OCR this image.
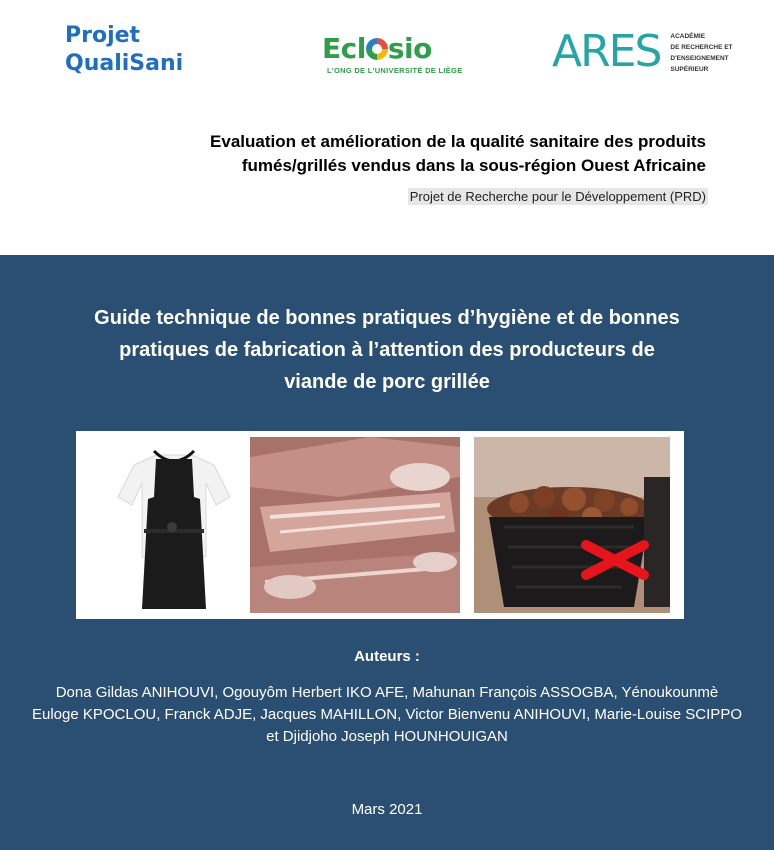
Projet
QualiSani	Ecl sio
L'ONG DE L'UNIVERSITÉ DE LIÈGE ARES ACADÉMIE
DE RECHERCHE ET
D'ENSEIGNEMENT
SUPÉRIEUR
Evaluation et amélioration de la qualité sanitaire des produits
fumés/grillés vendus dans la sous-région Ouest Africaine
Projet de Recherche pour le Développement (PRD)
Guide technique de bonnes pratiques d’hygiène et de bonnes
pratiques de fabrication à l’attention des producteurs de
viande de porc grillée
Auteurs :
Dona Gildas ANIHOUVI, Ogouyôm Herbert IKO AFE, Mahunan François ASSOGBA, Yénoukounmè
Euloge KPOCLOU, Franck ADJE, Jacques MAHILLON, Victor Bienvenu ANIHOUVI, Marie-Louise SCIPPO
et Djidjoho Joseph HOUNHOUIGAN
Mars 2021
